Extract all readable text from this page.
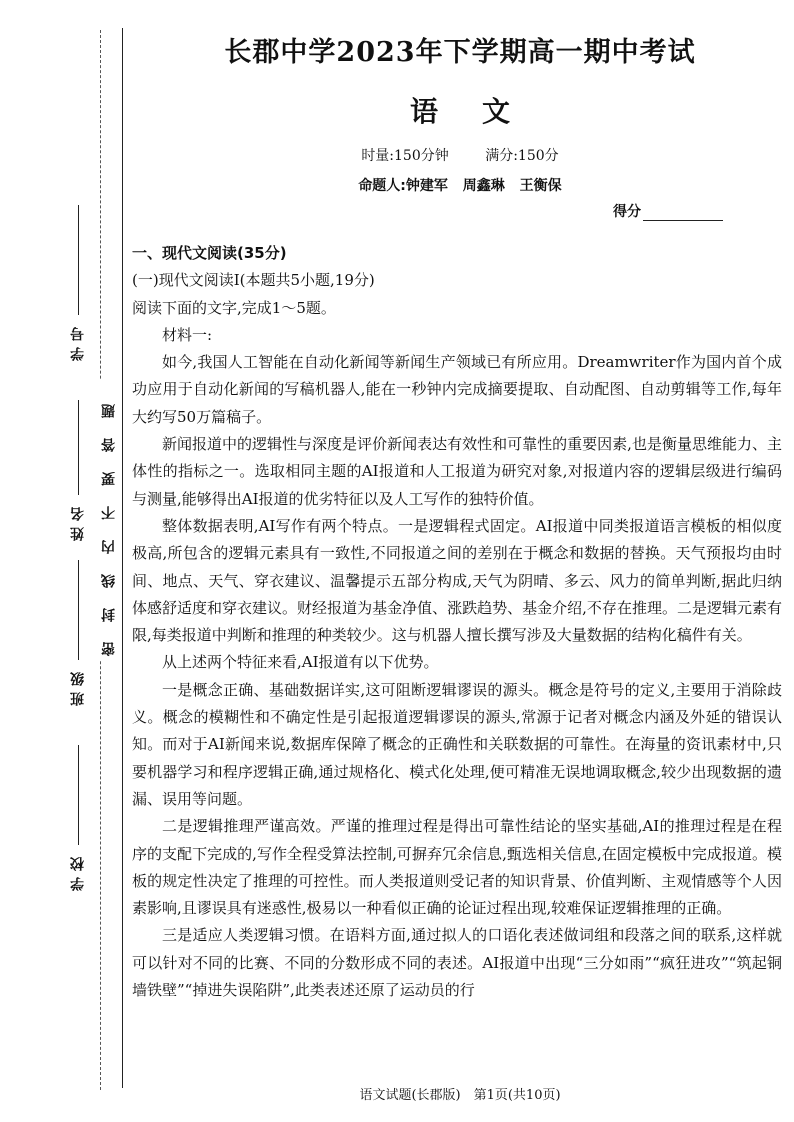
学号
姓名
班级
学校
密封线内不要答题
长郡中学2023年下学期高一期中考试
语 文
时量:150分钟	满分:150分
命题人:钟建军 周鑫琳 王衡保
得分

一、现代文阅读(35分)

(一)现代文阅读Ⅰ(本题共5小题,19分)

阅读下面的文字,完成1～5题。

材料一:

如今,我国人工智能在自动化新闻等新闻生产领域已有所应用。Dreamwriter作为国内首个成功应用于自动化新闻的写稿机器人,能在一秒钟内完成摘要提取、自动配图、自动剪辑等工作,每年大约写50万篇稿子。

新闻报道中的逻辑性与深度是评价新闻表达有效性和可靠性的重要因素,也是衡量思维能力、主体性的指标之一。选取相同主题的AI报道和人工报道为研究对象,对报道内容的逻辑层级进行编码与测量,能够得出AI报道的优劣特征以及人工写作的独特价值。

整体数据表明,AI写作有两个特点。一是逻辑程式固定。AI报道中同类报道语言模板的相似度极高,所包含的逻辑元素具有一致性,不同报道之间的差别在于概念和数据的替换。天气预报均由时间、地点、天气、穿衣建议、温馨提示五部分构成,天气为阴晴、多云、风力的简单判断,据此归纳体感舒适度和穿衣建议。财经报道为基金净值、涨跌趋势、基金介绍,不存在推理。二是逻辑元素有限,每类报道中判断和推理的种类较少。这与机器人擅长撰写涉及大量数据的结构化稿件有关。

从上述两个特征来看,AI报道有以下优势。

一是概念正确、基础数据详实,这可阻断逻辑谬误的源头。概念是符号的定义,主要用于消除歧义。概念的模糊性和不确定性是引起报道逻辑谬误的源头,常源于记者对概念内涵及外延的错误认知。而对于AI新闻来说,数据库保障了概念的正确性和关联数据的可靠性。在海量的资讯素材中,只要机器学习和程序逻辑正确,通过规格化、模式化处理,便可精准无误地调取概念,较少出现数据的遗漏、误用等问题。

二是逻辑推理严谨高效。严谨的推理过程是得出可靠性结论的坚实基础,AI的推理过程是在程序的支配下完成的,写作全程受算法控制,可摒弃冗余信息,甄选相关信息,在固定模板中完成报道。模板的规定性决定了推理的可控性。而人类报道则受记者的知识背景、价值判断、主观情感等个人因素影响,且谬误具有迷惑性,极易以一种看似正确的论证过程出现,较难保证逻辑推理的正确。

三是适应人类逻辑习惯。在语料方面,通过拟人的口语化表述做词组和段落之间的联系,这样就可以针对不同的比赛、不同的分数形成不同的表述。AI报道中出现“三分如雨”“疯狂进攻”“筑起铜墙铁壁”“掉进失误陷阱”,此类表述还原了运动员的行

语文试题(长郡版)　第1页(共10页)
